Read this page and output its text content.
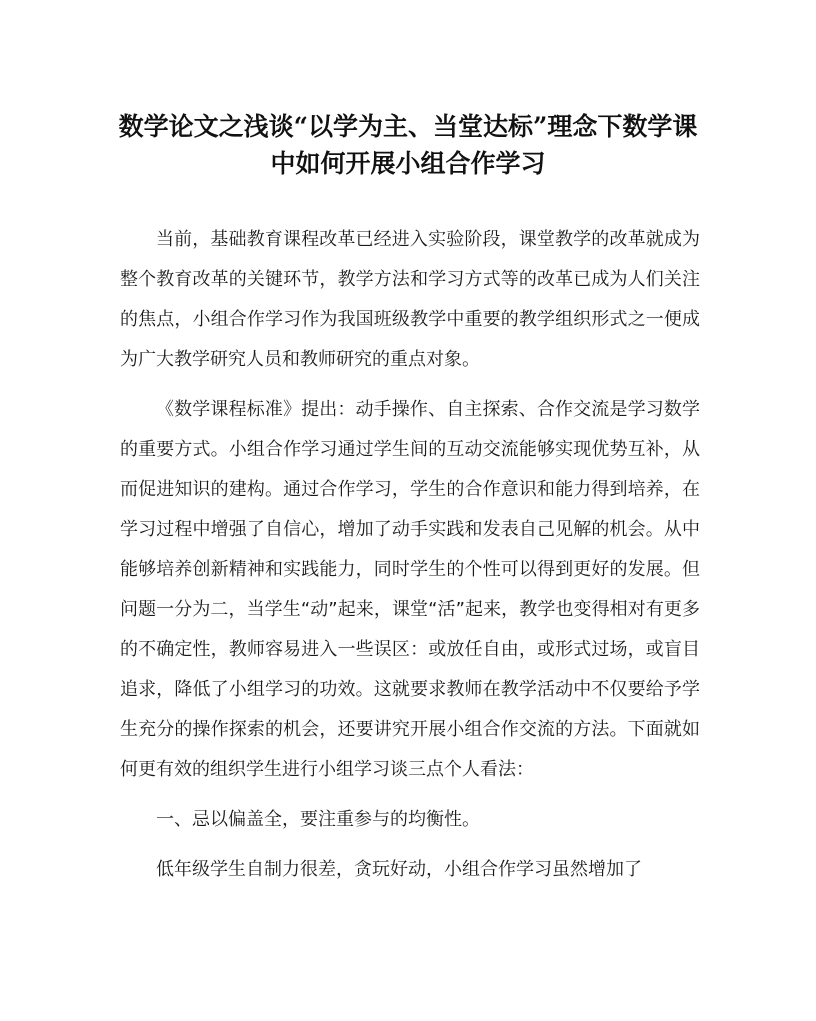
数学论文之浅谈“以学为主、当堂达标”理念下数学课
中如何开展小组合作学习

当前，基础教育课程改革已经进入实验阶段，课堂教学的改革就成为整个教育改革的关键环节，教学方法和学习方式等的改革已成为人们关注的焦点，小组合作学习作为我国班级教学中重要的教学组织形式之一便成为广大教学研究人员和教师研究的重点对象。

《数学课程标准》提出：动手操作、自主探索、合作交流是学习数学的重要方式。小组合作学习通过学生间的互动交流能够实现优势互补，从而促进知识的建构。通过合作学习，学生的合作意识和能力得到培养，在学习过程中增强了自信心，增加了动手实践和发表自己见解的机会。从中能够培养创新精神和实践能力，同时学生的个性可以得到更好的发展。但问题一分为二，当学生“动”起来，课堂“活”起来，教学也变得相对有更多的不确定性，教师容易进入一些误区：或放任自由，或形式过场，或盲目追求，降低了小组学习的功效。这就要求教师在教学活动中不仅要给予学生充分的操作探索的机会，还要讲究开展小组合作交流的方法。下面就如何更有效的组织学生进行小组学习谈三点个人看法：

一、忌以偏盖全，要注重参与的均衡性。

低年级学生自制力很差，贪玩好动，小组合作学习虽然增加了
